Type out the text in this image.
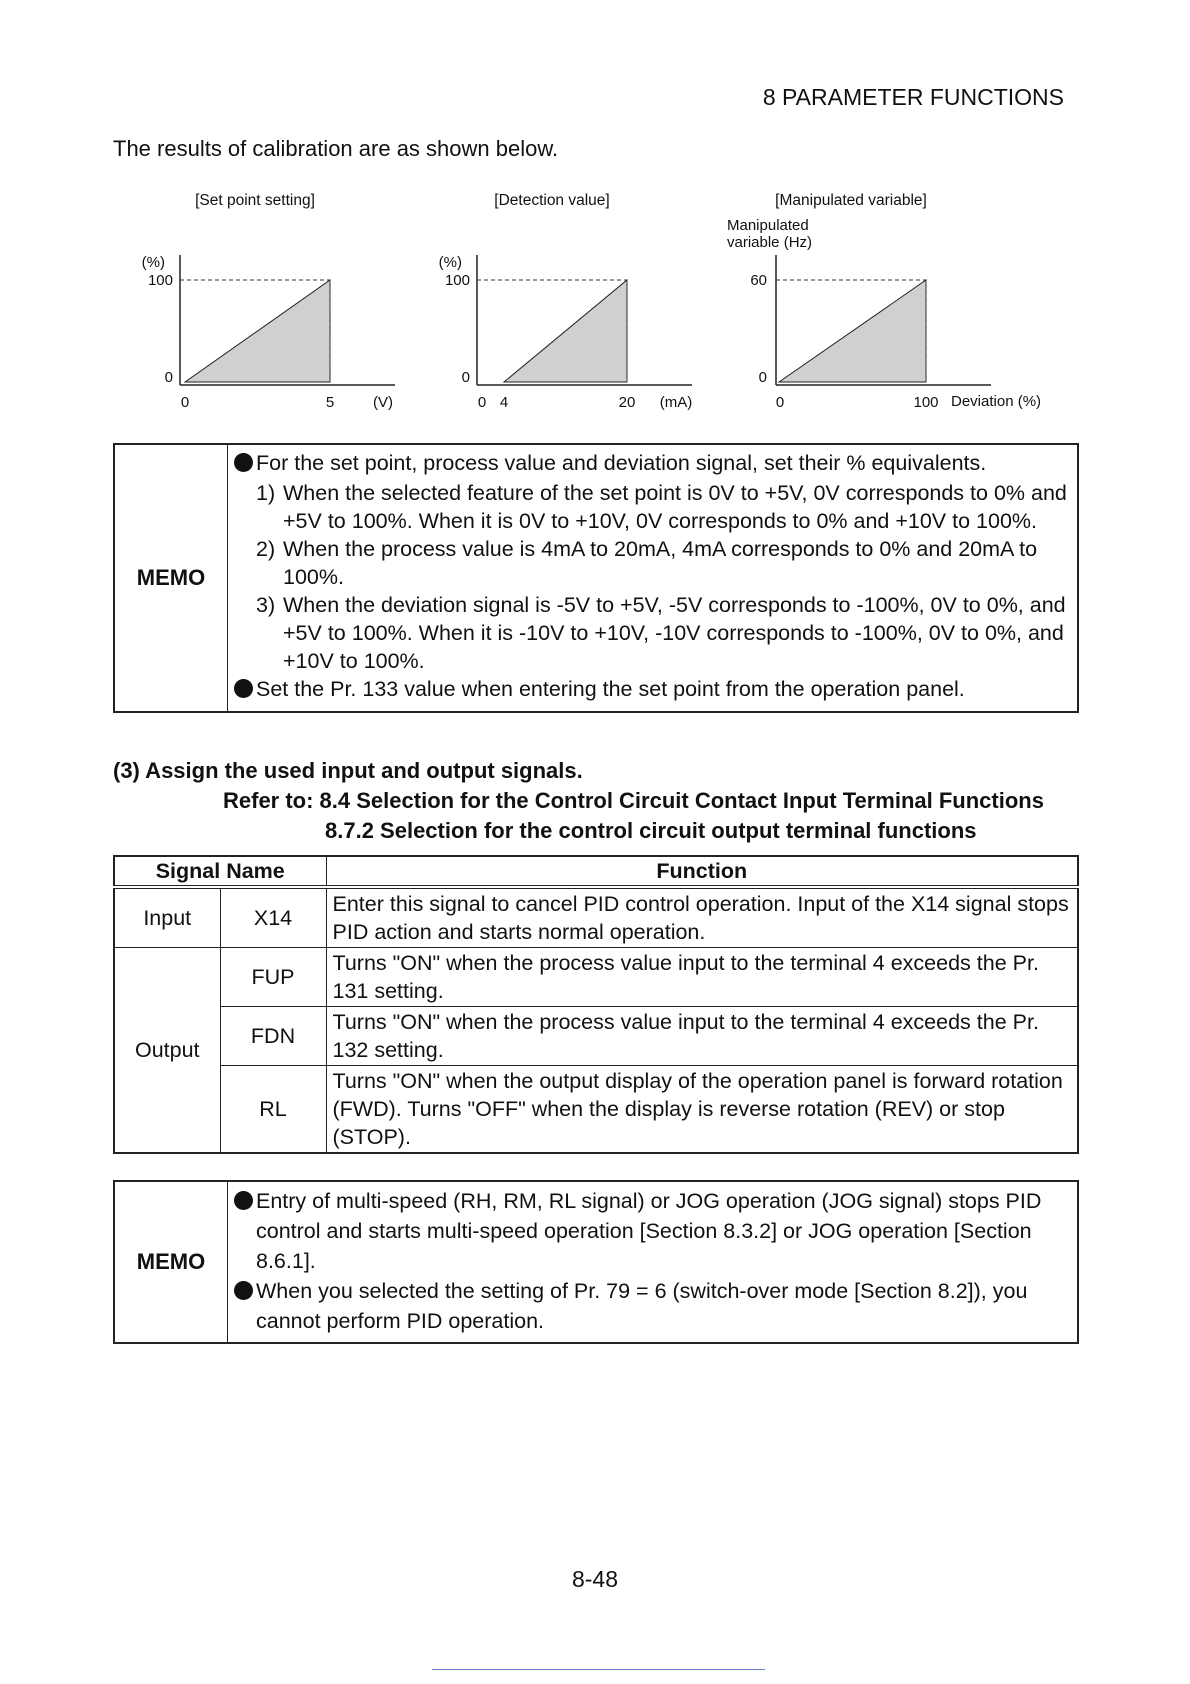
8 PARAMETER FUNCTIONS
The results of calibration are as shown below.
[Set point setting]
(%)
100
0
0	5	(V)
[Detection value]
(%)
100
0
0 4	20 (mA)
[Manipulated variable]
Manipulated
variable (Hz)
60
0
0	100 Deviation (%)
MEMO	
For the set point, process value and deviation signal, set their % equivalents.
1) When the selected feature of the set point is 0V to +5V, 0V corresponds to 0% and +5V to 100%. When it is 0V to +10V, 0V corresponds to 0% and +10V to 100%.
2) When the process value is 4mA to 20mA, 4mA corresponds to 0% and 20mA to 100%.
3) When the deviation signal is -5V to +5V, -5V corresponds to -100%, 0V to 0%, and +5V to 100%. When it is -10V to +10V, -10V corresponds to -100%, 0V to 0%, and +10V to 100%.
Set the Pr. 133 value when entering the set point from the operation panel.
(3) Assign the used input and output signals.
Refer to: 8.4 Selection for the Control Circuit Contact Input Terminal Functions
8.7.2 Selection for the control circuit output terminal functions
Signal Name		Function
Input	X14	Enter this signal to cancel PID control operation. Input of the X14 signal stops PID action and starts normal operation.
Output	FUP	Turns "ON" when the process value input to the terminal 4 exceeds the Pr. 131 setting.
	FDN	Turns "ON" when the process value input to the terminal 4 exceeds the Pr. 132 setting.
	RL	Turns "ON" when the output display of the operation panel is forward rotation (FWD). Turns "OFF" when the display is reverse rotation (REV) or stop (STOP).
MEMO	
Entry of multi-speed (RH, RM, RL signal) or JOG operation (JOG signal) stops PID control and starts multi-speed operation [Section 8.3.2] or JOG operation [Section 8.6.1].
When you selected the setting of Pr. 79 = 6 (switch-over mode [Section 8.2]), you cannot perform PID operation.
8-48
